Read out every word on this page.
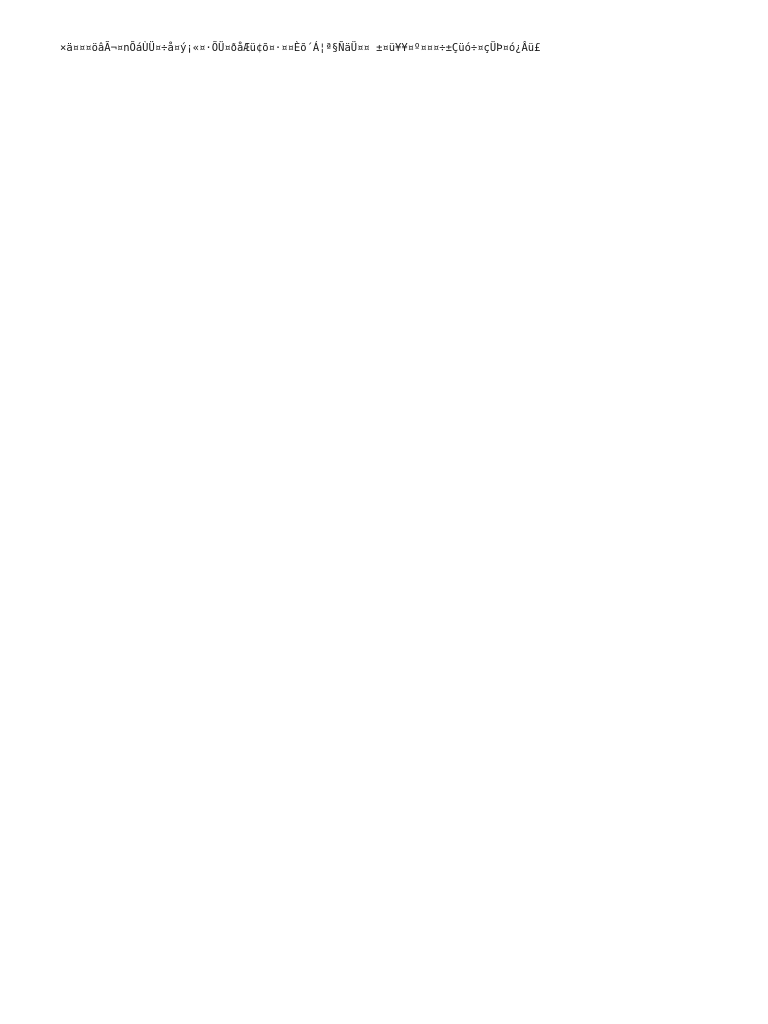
×ä¤¤¤öâÃ¬¤nÕáÙÜ¤÷å¤ý¡«¤·ÕÜ¤ðåÆü¢õ¤·¤¤Èõ´Á¦ª§ÑäÜ¤¤ ±¤ü¥¥¤º¤¤¤÷±Çüó÷¤çÜÞ¤ó¿Âü£
